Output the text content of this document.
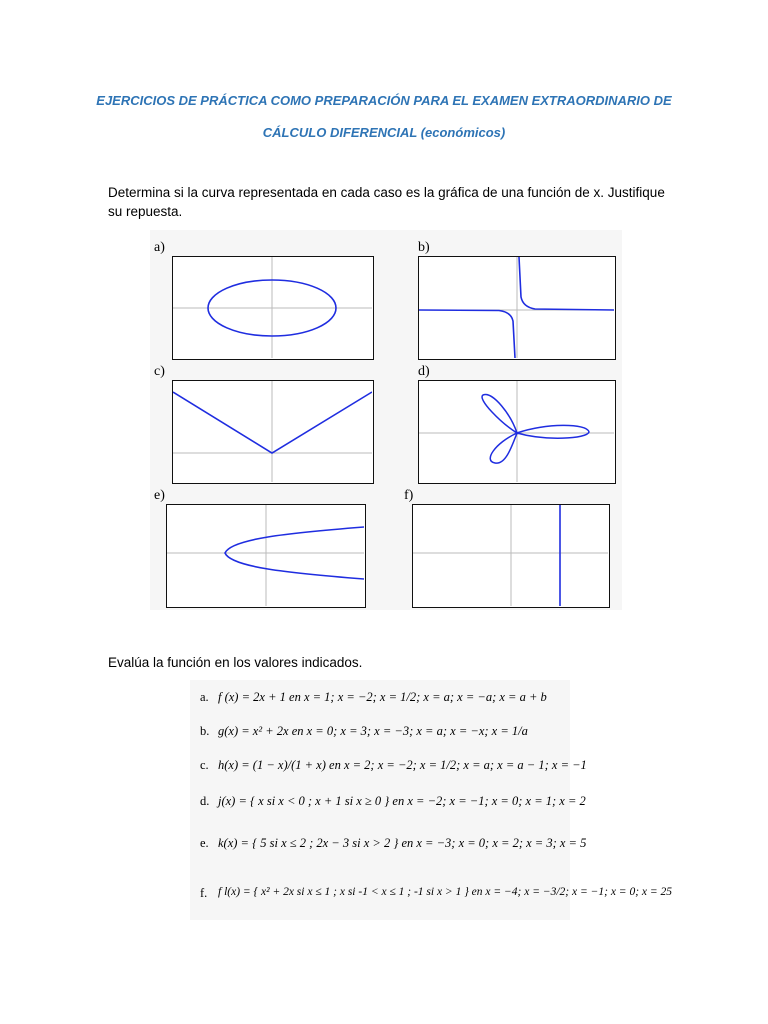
EJERCICIOS DE PRÁCTICA COMO PREPARACIÓN PARA EL EXAMEN EXTRAORDINARIO DE
CÁLCULO DIFERENCIAL (económicos)
Determina si la curva representada en cada caso es la gráfica de una función de x. Justifique su repuesta.
a)	b)
c)	d)
e)	f)
Evalúa la función en los valores indicados.
a. f (x) = 2x + 1 en x = 1; x = −2; x = 1/2; x = a; x = −a; x = a + b
b. g(x) = x² + 2x en x = 0; x = 3; x = −3; x = a; x = −x; x = 1/a
c. h(x) = (1 − x)/(1 + x) en x = 2; x = −2; x = 1/2; x = a; x = a − 1; x = −1
d. j(x) = { x si x < 0 ; x + 1 si x ≥ 0 } en x = −2; x = −1; x = 0; x = 1; x = 2
e. k(x) = { 5 si x ≤ 2 ; 2x − 3 si x > 2 } en x = −3; x = 0; x = 2; x = 3; x = 5
f. f l(x) = { x² + 2x si x ≤ 1 ; x si -1 < x ≤ 1 ; -1 si x > 1 } en x = −4; x = −3/2; x = −1; x = 0; x = 25
